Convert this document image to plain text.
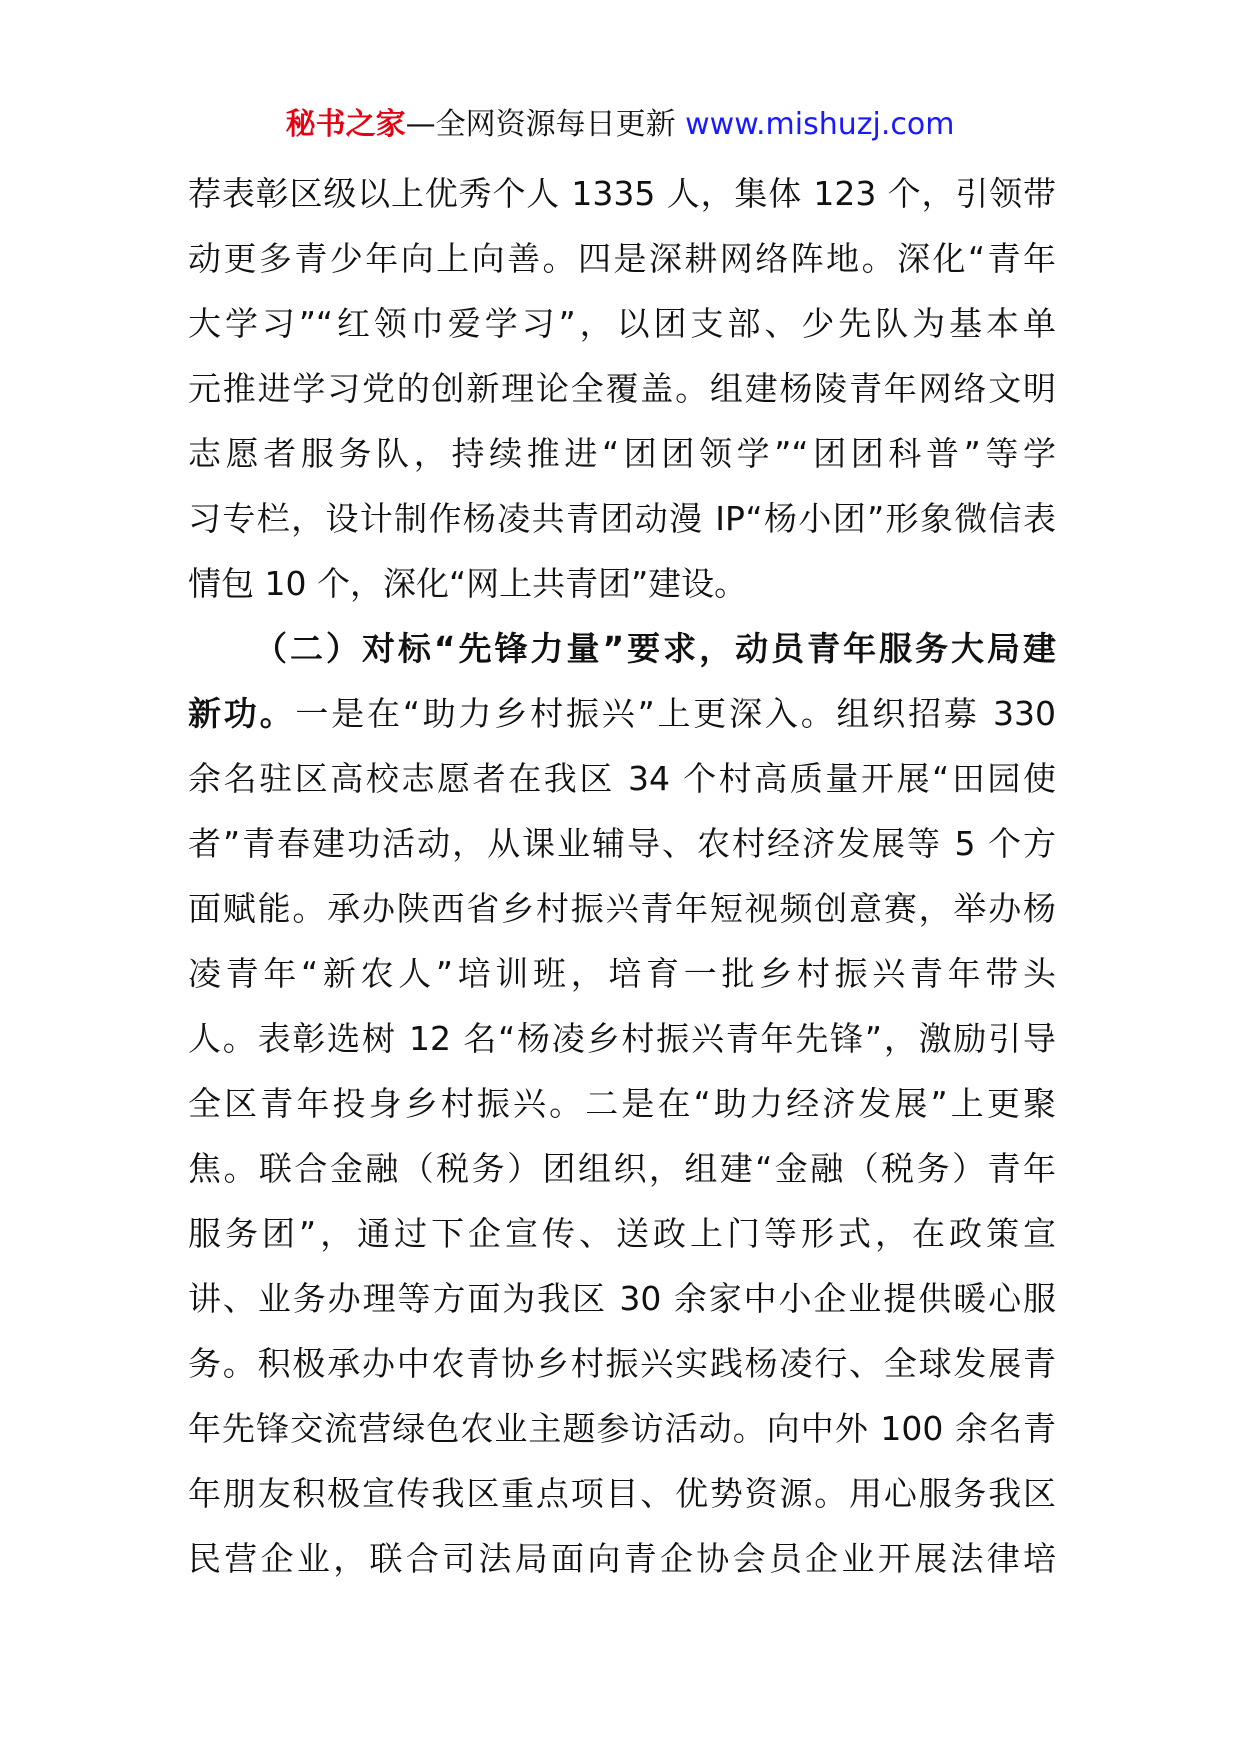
秘书之家—全网资源每日更新 www.mishuzj.com
荐表彰区级以上优秀个人 1335 人，集体 123 个，引领带
动更多青少年向上向善。四是深耕网络阵地。深化“青年
大学习”“红领巾爱学习”，以团支部、少先队为基本单
元推进学习党的创新理论全覆盖。组建杨陵青年网络文明
志愿者服务队，持续推进“团团领学”“团团科普”等学
习专栏，设计制作杨凌共青团动漫 IP“杨小团”形象微信表
情包 10 个，深化“网上共青团”建设。
（二）对标“先锋力量”要求，动员青年服务大局建
新功。一是在“助力乡村振兴”上更深入。组织招募 330
余名驻区高校志愿者在我区 34 个村高质量开展“田园使
者”青春建功活动，从课业辅导、农村经济发展等 5 个方
面赋能。承办陕西省乡村振兴青年短视频创意赛，举办杨
凌青年“新农人”培训班，培育一批乡村振兴青年带头
人。表彰选树 12 名“杨凌乡村振兴青年先锋”，激励引导
全区青年投身乡村振兴。二是在“助力经济发展”上更聚
焦。联合金融（税务）团组织，组建“金融（税务）青年
服务团”，通过下企宣传、送政上门等形式，在政策宣
讲、业务办理等方面为我区 30 余家中小企业提供暖心服
务。积极承办中农青协乡村振兴实践杨凌行、全球发展青
年先锋交流营绿色农业主题参访活动。向中外 100 余名青
年朋友积极宣传我区重点项目、优势资源。用心服务我区
民营企业，联合司法局面向青企协会员企业开展法律培
